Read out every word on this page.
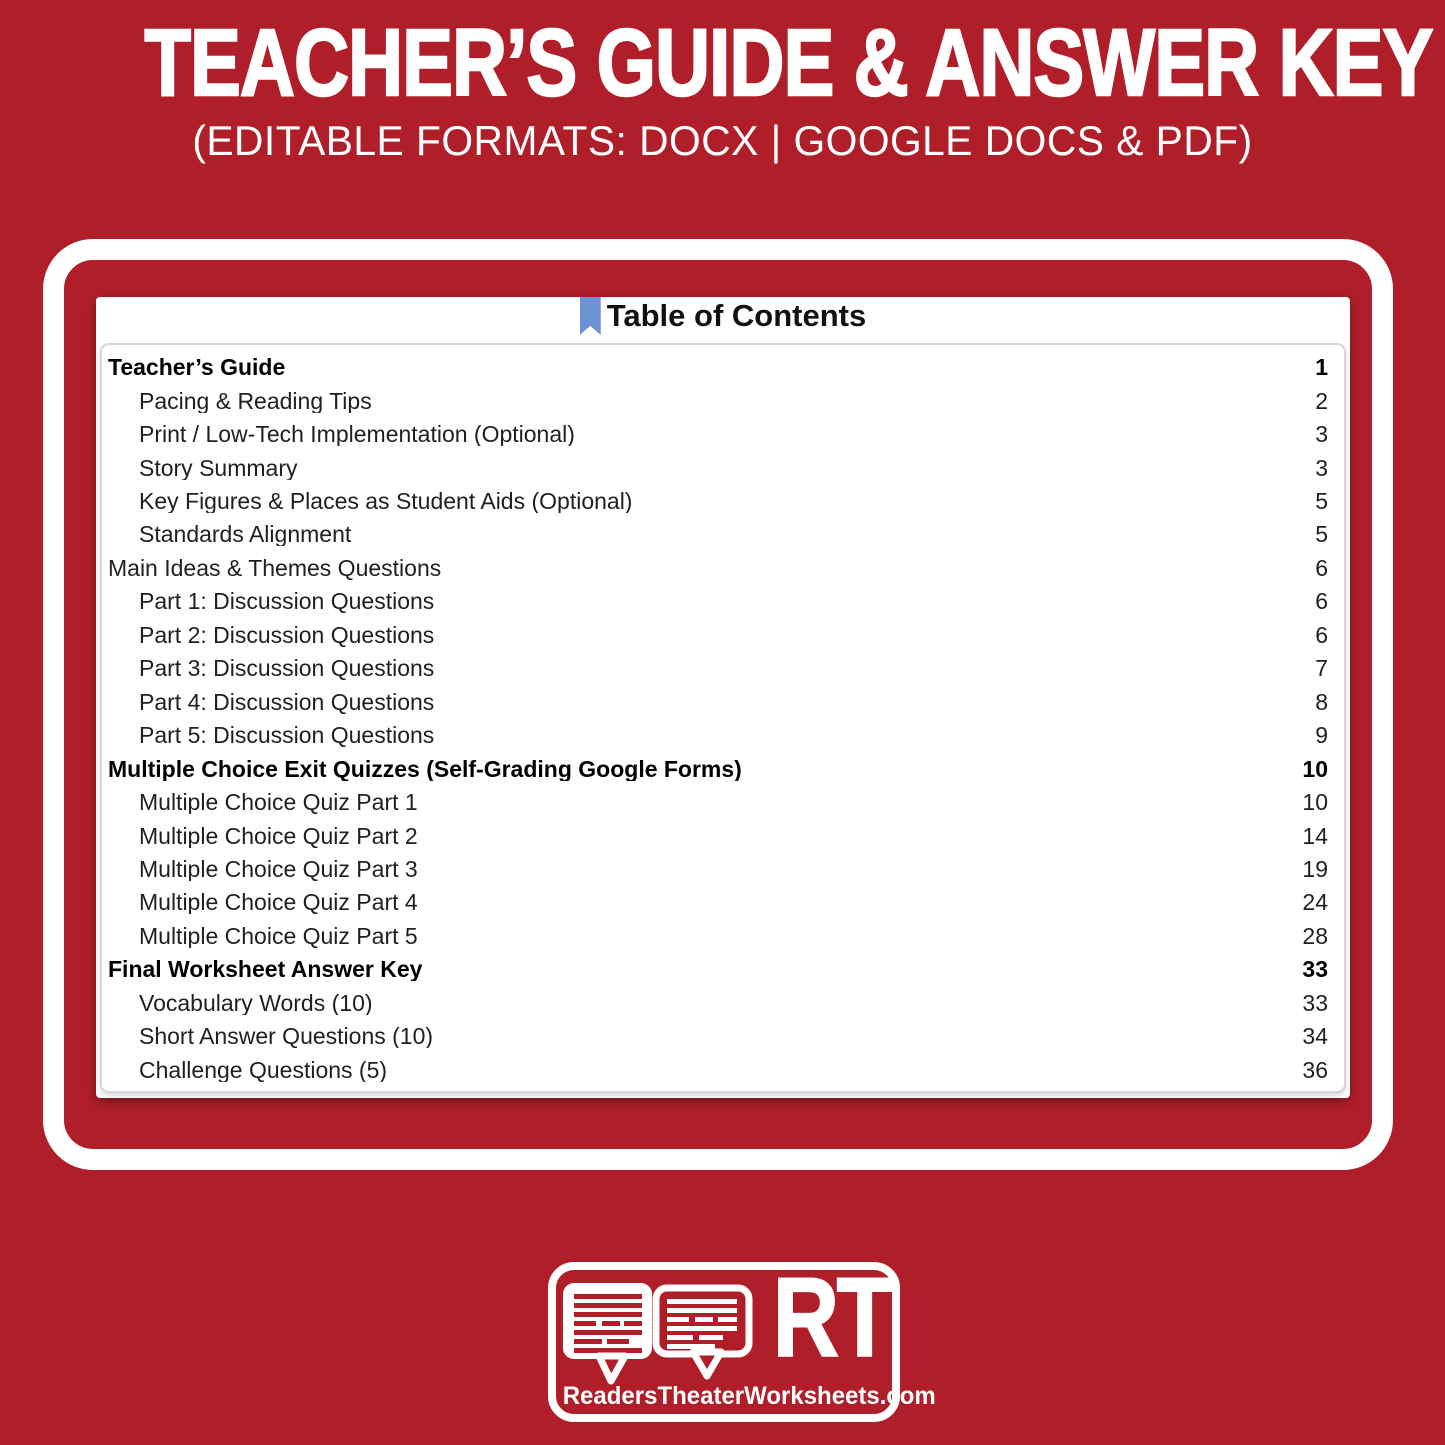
TEACHER’S GUIDE & ANSWER KEY
(EDITABLE FORMATS: DOCX | GOOGLE DOCS & PDF)
Table of Contents
Teacher’s Guide	1
Pacing & Reading Tips	2
Print / Low-Tech Implementation (Optional)	3
Story Summary	3
Key Figures & Places as Student Aids (Optional)	5
Standards Alignment	5
Main Ideas & Themes Questions	6
Part 1: Discussion Questions	6
Part 2: Discussion Questions	6
Part 3: Discussion Questions	7
Part 4: Discussion Questions	8
Part 5: Discussion Questions	9
Multiple Choice Exit Quizzes (Self-Grading Google Forms)	10
Multiple Choice Quiz Part 1	10
Multiple Choice Quiz Part 2	14
Multiple Choice Quiz Part 3	19
Multiple Choice Quiz Part 4	24
Multiple Choice Quiz Part 5	28
Final Worksheet Answer Key	33
Vocabulary Words (10)	33
Short Answer Questions (10)	34
Challenge Questions (5)	36
RT
ReadersTheaterWorksheets.com
